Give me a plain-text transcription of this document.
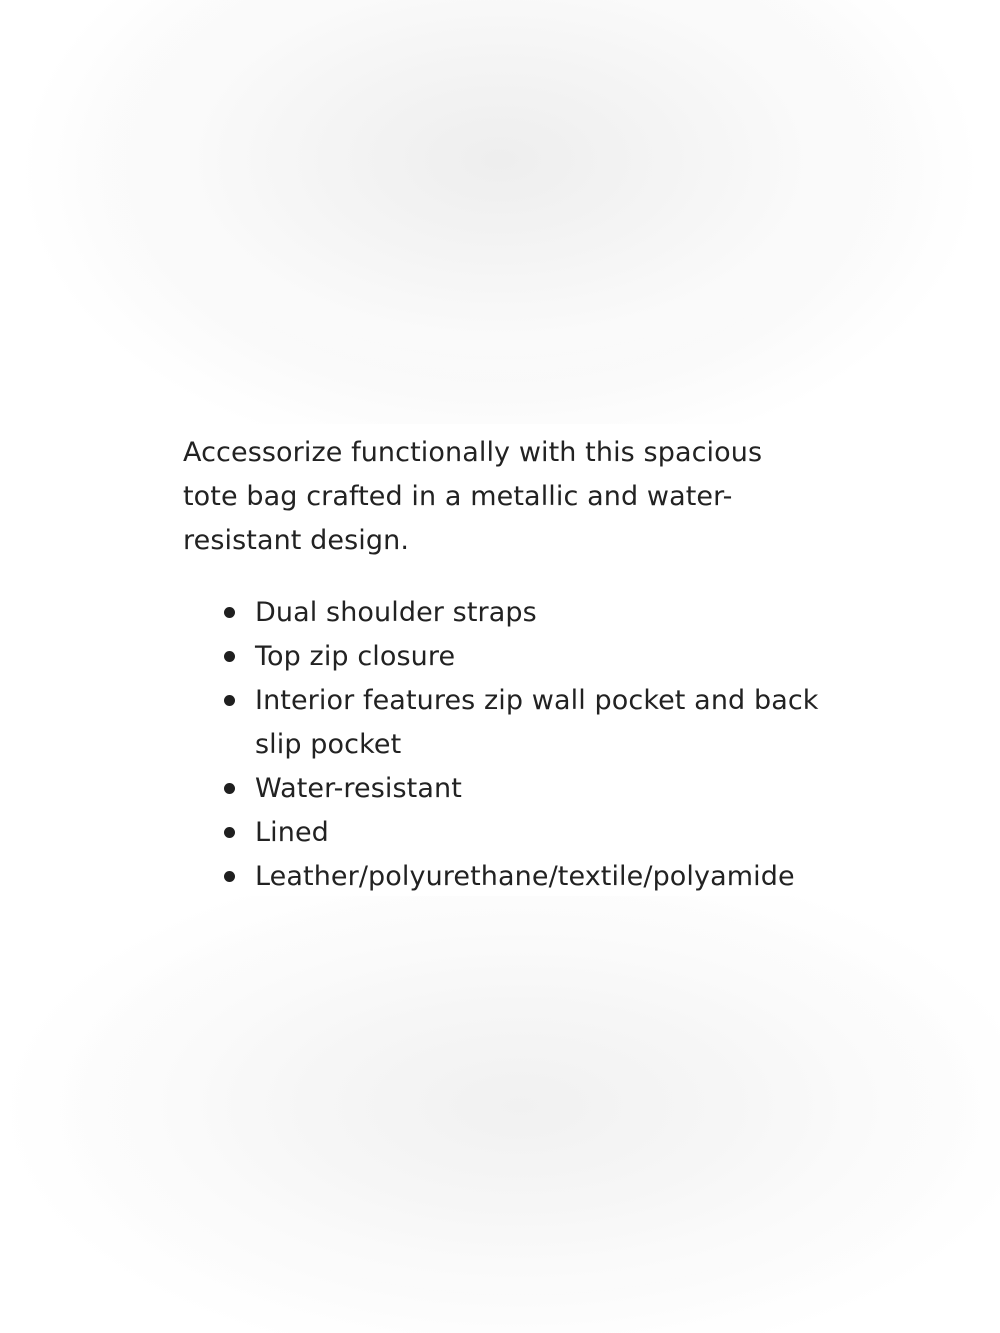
Accessorize functionally with this spacious tote bag crafted in a metallic and water-resistant design.

Dual shoulder straps
Top zip closure
Interior features zip wall pocket and back slip pocket
Water-resistant
Lined
Leather/polyurethane/textile/polyamide
